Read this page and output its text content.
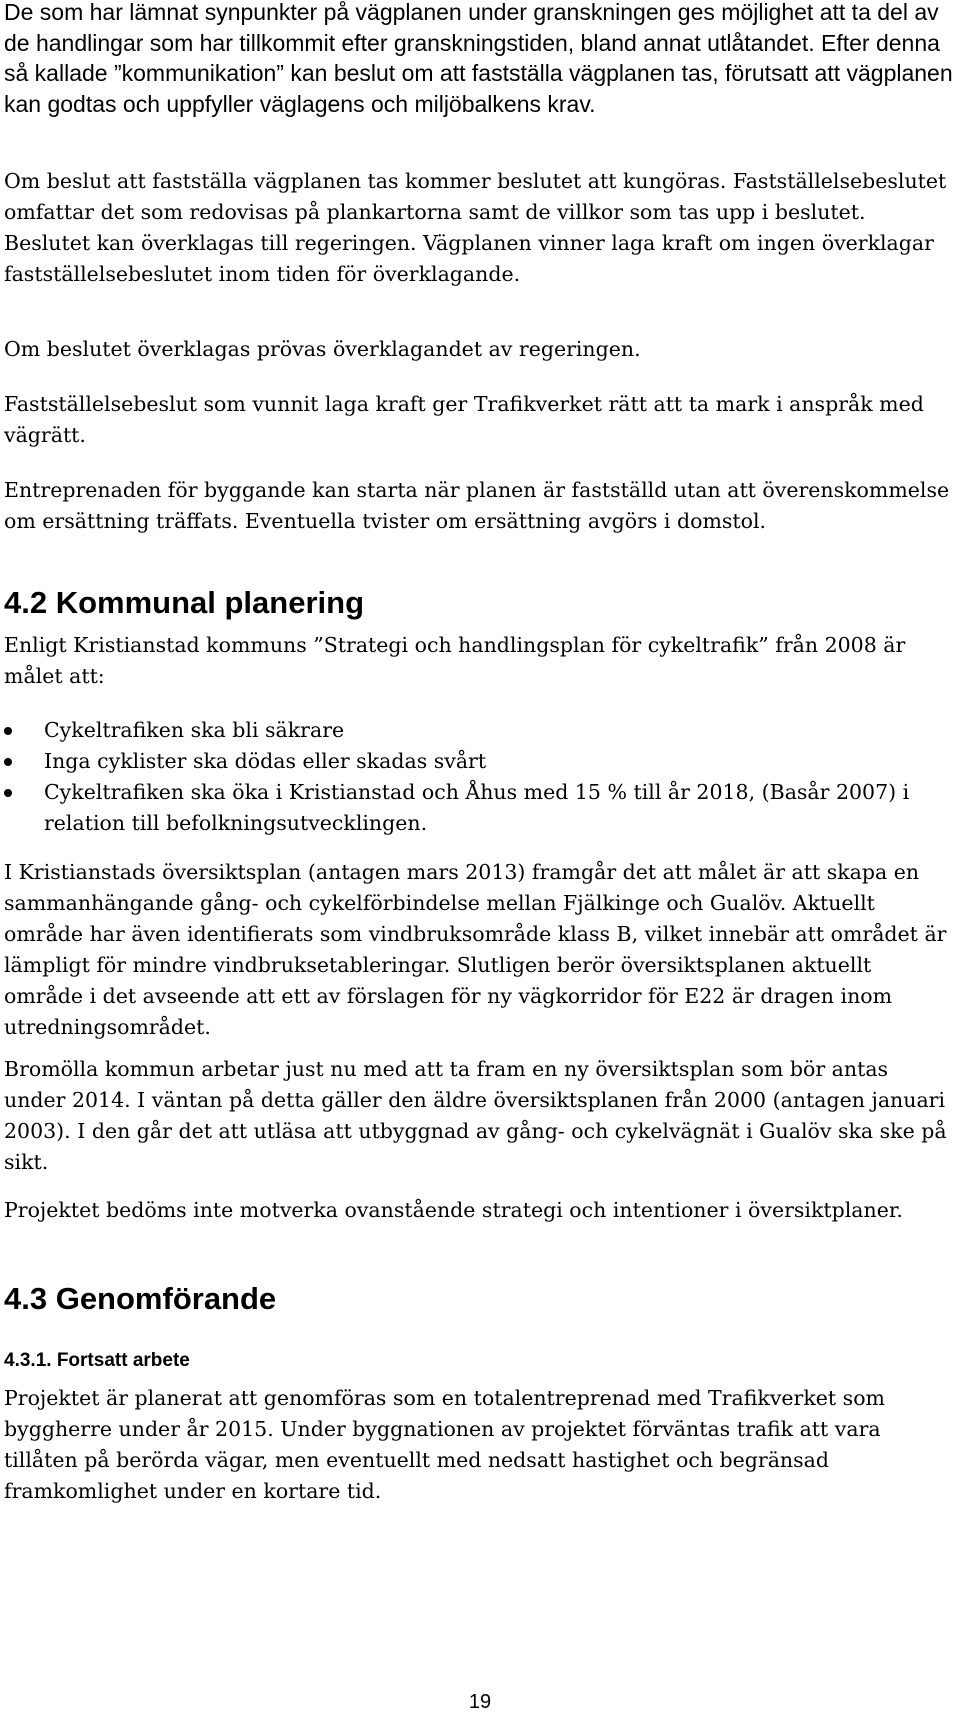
De som har lämnat synpunkter på vägplanen under granskningen ges möjlighet att ta del av de handlingar som har tillkommit efter granskningstiden, bland annat utlåtandet. Efter denna så kallade ”kommunikation” kan beslut om att fastställa vägplanen tas, förutsatt att vägplanen kan godtas och uppfyller väglagens och miljöbalkens krav.

Om beslut att fastställa vägplanen tas kommer beslutet att kungöras. Fastställelsebeslutet omfattar det som redovisas på plankartorna samt de villkor som tas upp i beslutet. Beslutet kan överklagas till regeringen. Vägplanen vinner laga kraft om ingen överklagar fastställelsebeslutet inom tiden för överklagande.

Om beslutet överklagas prövas överklagandet av regeringen.

Fastställelsebeslut som vunnit laga kraft ger Trafikverket rätt att ta mark i anspråk med vägrätt.

Entreprenaden för byggande kan starta när planen är fastställd utan att överenskommelse om ersättning träffats. Eventuella tvister om ersättning avgörs i domstol.

4.2 Kommunal planering

Enligt Kristianstad kommuns ”Strategi och handlingsplan för cykeltrafik” från 2008 är målet att:

Cykeltrafiken ska bli säkrare
Inga cyklister ska dödas eller skadas svårt
Cykeltrafiken ska öka i Kristianstad och Åhus med 15 % till år 2018, (Basår 2007) i relation till befolkningsutvecklingen.

I Kristianstads översiktsplan (antagen mars 2013) framgår det att målet är att skapa en sammanhängande gång- och cykelförbindelse mellan Fjälkinge och Gualöv. Aktuellt område har även identifierats som vindbruksområde klass B, vilket innebär att området är lämpligt för mindre vindbruksetableringar. Slutligen berör översiktsplanen aktuellt område i det avseende att ett av förslagen för ny vägkorridor för E22 är dragen inom utredningsområdet.

Bromölla kommun arbetar just nu med att ta fram en ny översiktsplan som bör antas under 2014. I väntan på detta gäller den äldre översiktsplanen från 2000 (antagen januari 2003). I den går det att utläsa att utbyggnad av gång- och cykelvägnät i Gualöv ska ske på sikt.

Projektet bedöms inte motverka ovanstående strategi och intentioner i översiktplaner.

4.3 Genomförande
4.3.1. Fortsatt arbete

Projektet är planerat att genomföras som en totalentreprenad med Trafikverket som byggherre under år 2015. Under byggnationen av projektet förväntas trafik att vara tillåten på berörda vägar, men eventuellt med nedsatt hastighet och begränsad framkomlighet under en kortare tid.

19
